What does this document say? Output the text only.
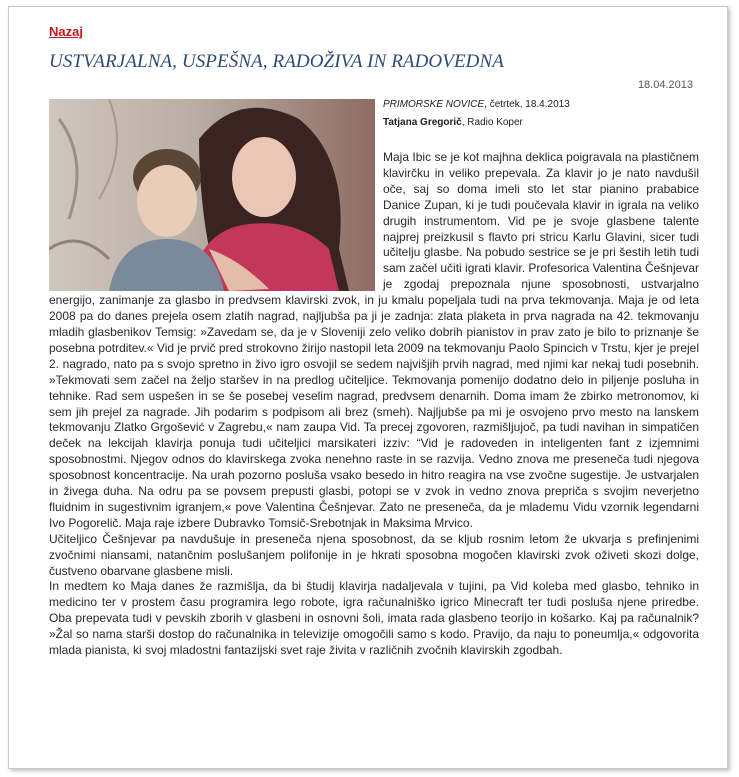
Nazaj
USTVARJALNA, USPEŠNA, RADOŽIVA IN RADOVEDNA
18.04.2013
PRIMORSKE NOVICE, četrtek, 18.4.2013
Tatjana Gregorič, Radio Koper

Maja Ibic se je kot majhna deklica poigravala na plastičnem klavirčku in veliko prepevala. Za klavir jo je nato navdušil oče, saj so doma imeli sto let star pianino prababice Danice Zupan, ki je tudi poučevala klavir in igrala na veliko drugih instrumentom. Vid pe je svoje glasbene talente najprej preizkusil s flavto pri stricu Karlu Glavini, sicer tudi učitelju glasbe. Na pobudo sestrice se je pri šestih letih tudi sam začel učiti igrati klavir. Profesorica Valentina Češnjevar je zgodaj prepoznala njune sposobnosti, ustvarjalno energijo, zanimanje za glasbo in predvsem klavirski zvok, in ju kmalu popeljala tudi na prva tekmovanja. Maja je od leta 2008 pa do danes prejela osem zlatih nagrad, najljubša pa ji je zadnja: zlata plaketa in prva nagrada na 42. tekmovanju mladih glasbenikov Temsig: »Zavedam se, da je v Sloveniji zelo veliko dobrih pianistov in prav zato je bilo to priznanje še posebna potrditev.« Vid je prvič pred strokovno žirijo nastopil leta 2009 na tekmovanju Paolo Spincich v Trstu, kjer je prejel 2. nagrado, nato pa s svojo spretno in živo igro osvojil se sedem najvišjih prvih nagrad, med njimi kar nekaj tudi posebnih. »Tekmovati sem začel na željo staršev in na predlog učiteljice. Tekmovanja pomenijo dodatno delo in piljenje posluha in tehnike. Rad sem uspešen in se še posebej veselim nagrad, predvsem denarnih. Doma imam že zbirko metronomov, ki sem jih prejel za nagrade. Jih podarim s podpisom ali brez (smeh). Najljubše pa mi je osvojeno prvo mesto na lanskem tekmovanju Zlatko Grgošević v Zagrebu,« nam zaupa Vid. Ta precej zgovoren, razmišljujoč, pa tudi navihan in simpatičen deček na lekcijah klavirja ponuja tudi učiteljici marsikateri izziv: “Vid je radoveden in inteligenten fant z izjemnimi sposobnostmi. Njegov odnos do klavirskega zvoka nenehno raste in se razvija. Vedno znova me preseneča tudi njegova sposobnost koncentracije. Na urah pozorno posluša vsako besedo in hitro reagira na vse zvočne sugestije. Je ustvarjalen in živega duha. Na odru pa se povsem prepusti glasbi, potopi se v zvok in vedno znova prepriča s svojim neverjetno fluidnim in sugestivnim igranjem,« pove Valentina Češnjevar. Zato ne preseneča, da je mlademu Vidu vzornik legendarni Ivo Pogorelič. Maja raje izbere Dubravko Tomsič-Srebotnjak in Maksima Mrvico.

Učiteljico Češnjevar pa navdušuje in preseneča njena sposobnost, da se kljub rosnim letom že ukvarja s prefinjenimi zvočnimi niansami, natančnim poslušanjem polifonije in je hkrati sposobna mogočen klavirski zvok oživeti skozi dolge, čustveno obarvane glasbene misli.

In medtem ko Maja danes že razmišlja, da bi študij klavirja nadaljevala v tujini, pa Vid koleba med glasbo, tehniko in medicino ter v prostem času programira lego robote, igra računalniško igrico Minecraft ter tudi posluša njene priredbe. Oba prepevata tudi v pevskih zborih v glasbeni in osnovni šoli, imata rada glasbeno teorijo in košarko. Kaj pa računalnik? »Žal so nama starši dostop do računalnika in televizije omogočili samo s kodo. Pravijo, da naju to poneumlja,« odgovorita mlada pianista, ki svoj mladostni fantazijski svet raje živita v različnih zvočnih klavirskih zgodbah.
